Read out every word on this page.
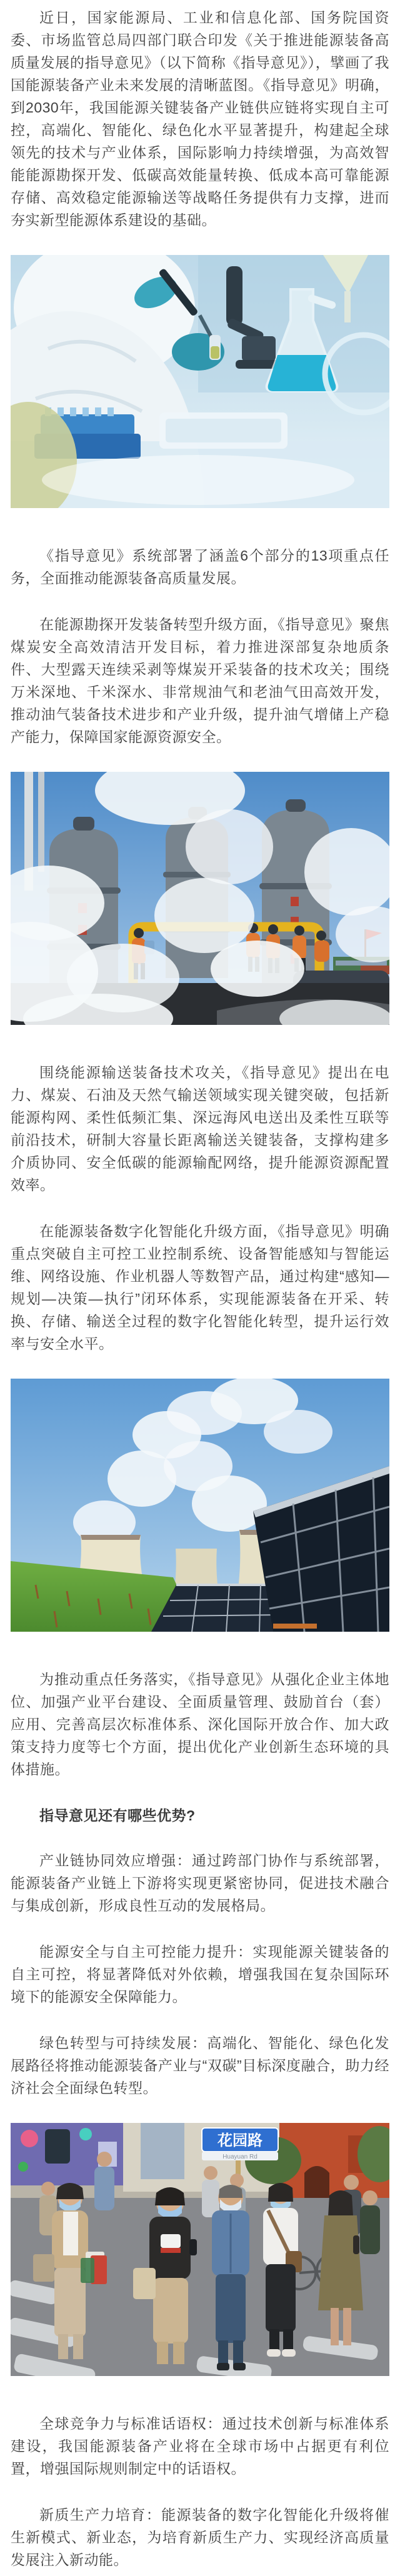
近日，国家能源局、工业和信息化部、国务院国资委、市场监管总局四部门联合印发《关于推进能源装备高质量发展的指导意见》（以下简称《指导意见》），擘画了我国能源装备产业未来发展的清晰蓝图。《指导意见》明确，到2030年，我国能源关键装备产业链供应链将实现自主可控，高端化、智能化、绿色化水平显著提升，构建起全球领先的技术与产业体系，国际影响力持续增强，为高效智能能源勘探开发、低碳高效能量转换、低成本高可靠能源存储、高效稳定能源输送等战略任务提供有力支撑，进而夯实新型能源体系建设的基础。

《指导意见》系统部署了涵盖6个部分的13项重点任务，全面推动能源装备高质量发展。

在能源勘探开发装备转型升级方面，《指导意见》聚焦煤炭安全高效清洁开发目标，着力推进深部复杂地质条件、大型露天连续采剥等煤炭开采装备的技术攻关；围绕万米深地、千米深水、非常规油气和老油气田高效开发，推动油气装备技术进步和产业升级，提升油气增储上产稳产能力，保障国家能源资源安全。

围绕能源输送装备技术攻关，《指导意见》提出在电力、煤炭、石油及天然气输送领域实现关键突破，包括新能源构网、柔性低频汇集、深远海风电送出及柔性互联等前沿技术，研制大容量长距离输送关键装备，支撑构建多介质协同、安全低碳的能源输配网络，提升能源资源配置效率。

在能源装备数字化智能化升级方面，《指导意见》明确重点突破自主可控工业控制系统、设备智能感知与智能运维、网络设施、作业机器人等数智产品，通过构建“感知—规划—决策—执行”闭环体系，实现能源装备在开采、转换、存储、输送全过程的数字化智能化转型，提升运行效率与安全水平。

为推动重点任务落实，《指导意见》从强化企业主体地位、加强产业平台建设、全面质量管理、鼓励首台（套）应用、完善高层次标准体系、深化国际开放合作、加大政策支持力度等七个方面，提出优化产业创新生态环境的具体措施。

指导意见还有哪些优势?

产业链协同效应增强：通过跨部门协作与系统部署，能源装备产业链上下游将实现更紧密协同，促进技术融合与集成创新，形成良性互动的发展格局。

能源安全与自主可控能力提升：实现能源关键装备的自主可控，将显著降低对外依赖，增强我国在复杂国际环境下的能源安全保障能力。

绿色转型与可持续发展：高端化、智能化、绿色化发展路径将推动能源装备产业与“双碳”目标深度融合，助力经济社会全面绿色转型。

花园路
Huayuan Rd

全球竞争力与标准话语权：通过技术创新与标准体系建设，我国能源装备产业将在全球市场中占据更有利位置，增强国际规则制定中的话语权。

新质生产力培育：能源装备的数字化智能化升级将催生新模式、新业态，为培育新质生产力、实现经济高质量发展注入新动能。
